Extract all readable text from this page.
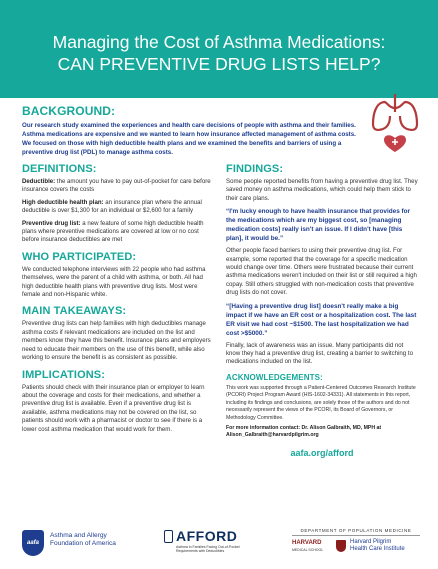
Managing the Cost of Asthma Medications:
CAN PREVENTIVE DRUG LISTS HELP?
BACKGROUND:

Our research study examined the experiences and health care decisions of people with asthma and their families. Asthma medications are expensive and we wanted to learn how insurance affected management of asthma costs. We focused on those with high deductible health plans and we examined the benefits and barriers of using a preventive drug list (PDL) to manage asthma costs.

DEFINITIONS:

Deductible: the amount you have to pay out-of-pocket for care before insurance covers the costs

High deductible health plan: an insurance plan where the annual deductible is over $1,300 for an individual or $2,600 for a family

Preventive drug list: a new feature of some high deductible health plans where preventive medications are covered at low or no cost before insurance deductibles are met

WHO PARTICIPATED:

We conducted telephone interviews with 22 people who had asthma themselves, were the parent of a child with asthma, or both. All had high deductible health plans with preventive drug lists. Most were female and non-Hispanic white.

MAIN TAKEAWAYS:

Preventive drug lists can help families with high deductibles manage asthma costs if relevant medications are included on the list and members know they have this benefit. Insurance plans and employers need to educate their members on the use of this benefit, while also working to ensure the benefit is as consistent as possible.

IMPLICATIONS:

Patients should check with their insurance plan or employer to learn about the coverage and costs for their medications, and whether a preventive drug list is available. Even if a preventive drug list is available, asthma medications may not be covered on the list, so patients should work with a pharmacist or doctor to see if there is a lower cost asthma medication that would work for them.

FINDINGS:

Some people reported benefits from having a preventive drug list. They saved money on asthma medications, which could help them stick to their care plans.

“I'm lucky enough to have health insurance that provides for the medications which are my biggest cost, so [managing medication costs] really isn't an issue. If I didn't have [this plan], it would be.”

Other people faced barriers to using their preventive drug list. For example, some reported that the coverage for a specific medication would change over time. Others were frustrated because their current asthma medications weren't included on their list or still required a high copay. Still others struggled with non-medication costs that preventive drug lists do not cover.

“[Having a preventive drug list] doesn't really make a big impact if we have an ER cost or a hospitalization cost. The last ER visit we had cost ~$1500. The last hospitalization we had cost >$5000.”

Finally, lack of awareness was an issue. Many participants did not know they had a preventive drug list, creating a barrier to switching to medications included on the list.

ACKNOWLEDGEMENTS:

This work was supported through a Patient-Centered Outcomes Research Institute (PCORI) Project Program Award (HIS-1602-34331). All statements in this report, including its findings and conclusions, are solely those of the authors and do not necessarily represent the views of the PCORI, its Board of Governors, or Methodology Committee.

For more information contact: Dr. Alison Galbraith, MD, MPH at Alison_Galbraith@harvardpilgrim.org

aafa.org/afford
aafa
Asthma and Allergy
Foundation of America	AFFORD
Asthma in Families Facing Out-of-Pocket
Requirements with Deductibles
DEPARTMENT OF POPULATION MEDICINE
HARVARD
MEDICAL SCHOOL
Harvard Pilgrim
Health Care Institute
